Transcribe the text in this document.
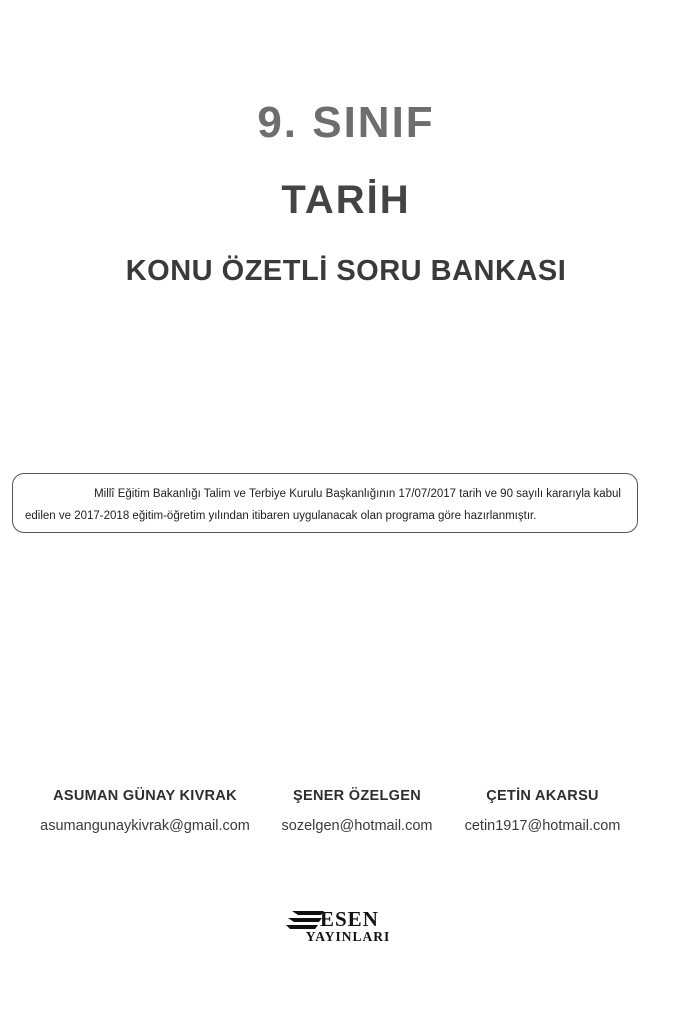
9. SINIF
TARİH
KONU ÖZETLİ SORU BANKASI
Millî Eğitim Bakanlığı Talim ve Terbiye Kurulu Başkanlığının 17/07/2017 tarih ve 90 sayılı kararıyla kabul
edilen ve 2017-2018 eğitim-öğretim yılından itibaren uygulanacak olan programa göre hazırlanmıştır.
ASUMAN GÜNAY KIVRAK
asumangunaykivrak@gmail.com
ŞENER ÖZELGEN
sozelgen@hotmail.com
ÇETİN AKARSU
cetin1917@hotmail.com
ESEN
YAYINLARI
